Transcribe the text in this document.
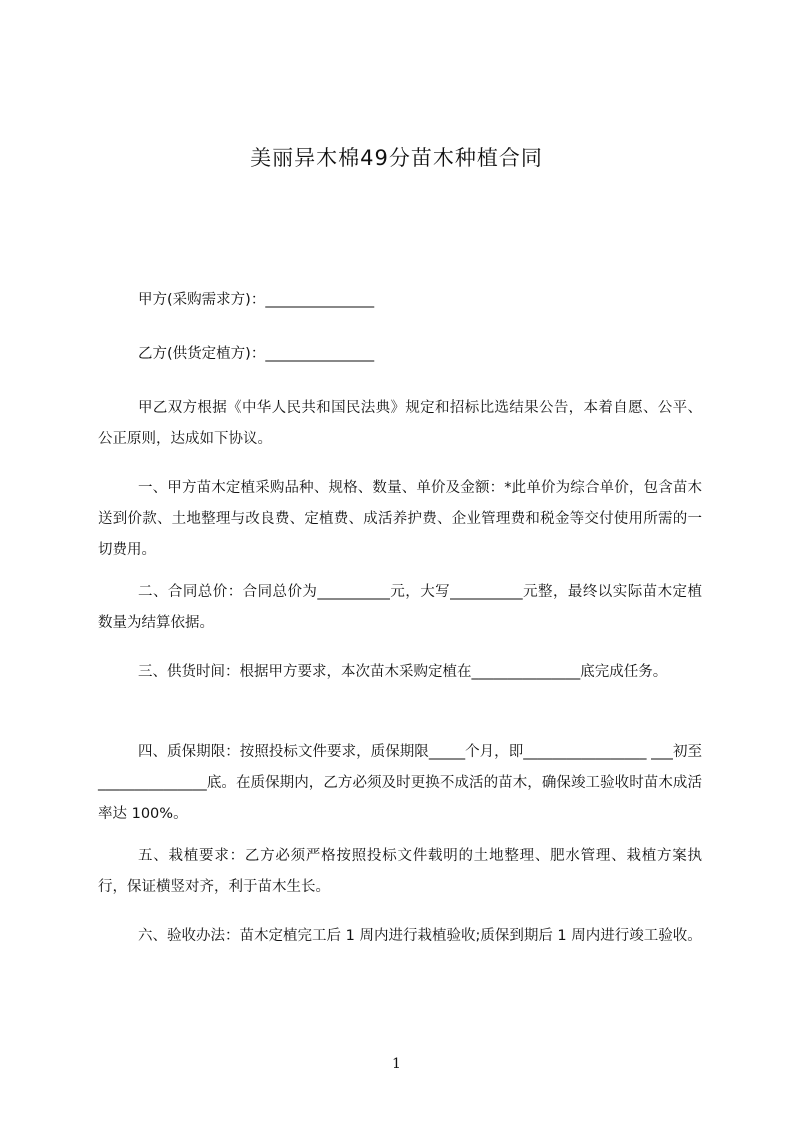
美丽异木棉49分苗木种植合同
甲方(采购需求方)：_______________
乙方(供货定植方)：_______________
甲乙双方根据《中华人民共和国民法典》规定和招标比选结果公告，本着自愿、公平、公正原则，达成如下协议。
一、甲方苗木定植采购品种、规格、数量、单价及金额：*此单价为综合单价，包含苗木送到价款、土地整理与改良费、定植费、成活养护费、企业管理费和税金等交付使用所需的一切费用。
二、合同总价：合同总价为__________元，大写__________元整，最终以实际苗木定植数量为结算依据。
三、供货时间：根据甲方要求，本次苗木采购定植在_______________底完成任务。
四、质保期限：按照投标文件要求，质保期限_____个月，即_________________ ___初至_______________底。在质保期内，乙方必须及时更换不成活的苗木，确保竣工验收时苗木成活率达 100%。
五、栽植要求：乙方必须严格按照投标文件载明的土地整理、肥水管理、栽植方案执行，保证横竖对齐，利于苗木生长。
六、验收办法：苗木定植完工后 1 周内进行栽植验收;质保到期后 1 周内进行竣工验收。
1
